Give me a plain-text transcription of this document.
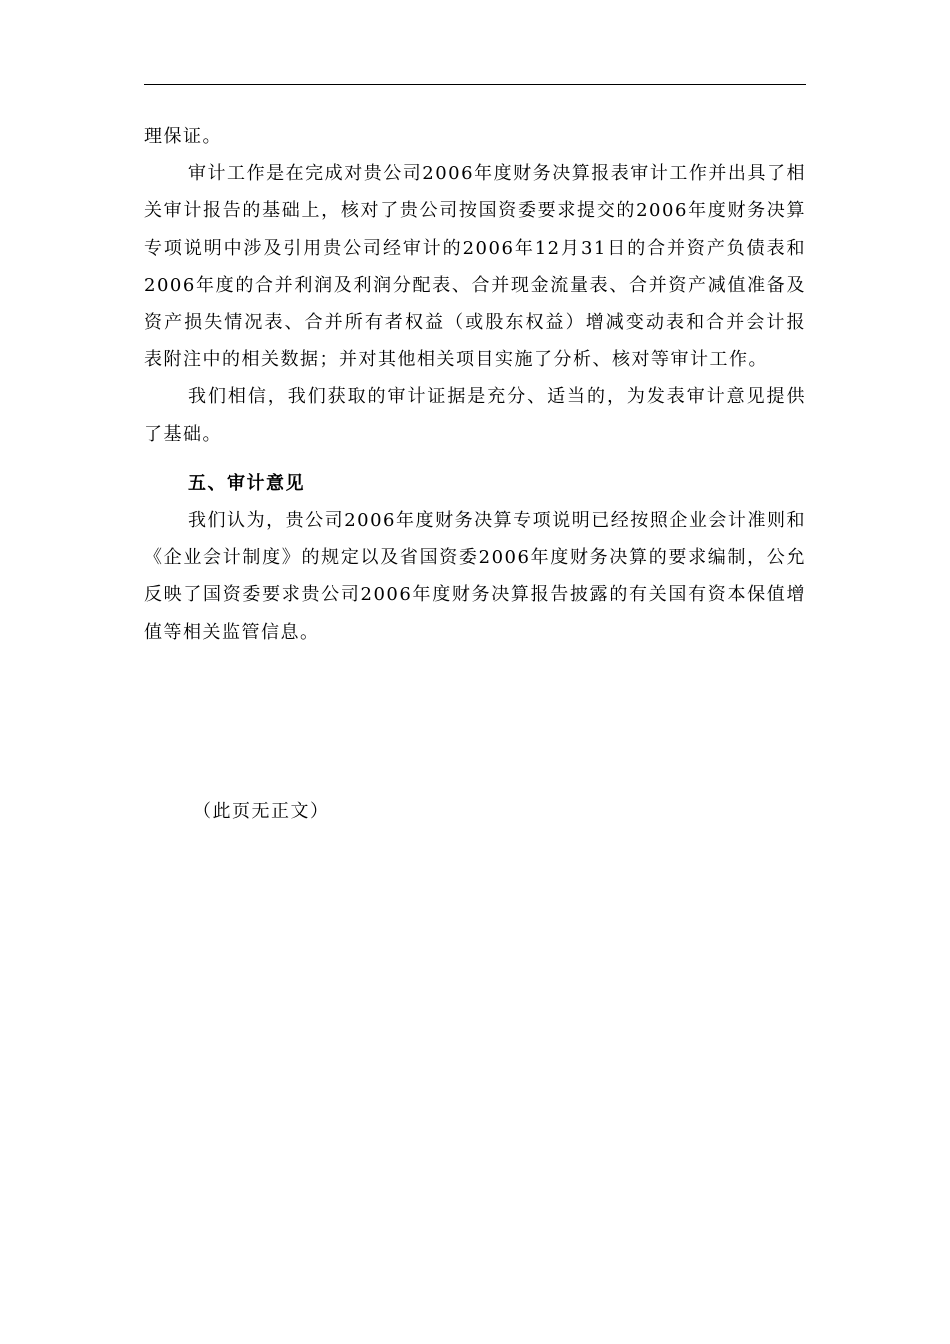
理保证。

审计工作是在完成对贵公司2006年度财务决算报表审计工作并出具了相关审计报告的基础上，核对了贵公司按国资委要求提交的2006年度财务决算专项说明中涉及引用贵公司经审计的2006年12月31日的合并资产负债表和2006年度的合并利润及利润分配表、合并现金流量表、合并资产减值准备及资产损失情况表、合并所有者权益（或股东权益）增减变动表和合并会计报表附注中的相关数据；并对其他相关项目实施了分析、核对等审计工作。

我们相信，我们获取的审计证据是充分、适当的，为发表审计意见提供了基础。

五、审计意见

我们认为，贵公司2006年度财务决算专项说明已经按照企业会计准则和《企业会计制度》的规定以及省国资委2006年度财务决算的要求编制，公允反映了国资委要求贵公司2006年度财务决算报告披露的有关国有资本保值增值等相关监管信息。

（此页无正文）
